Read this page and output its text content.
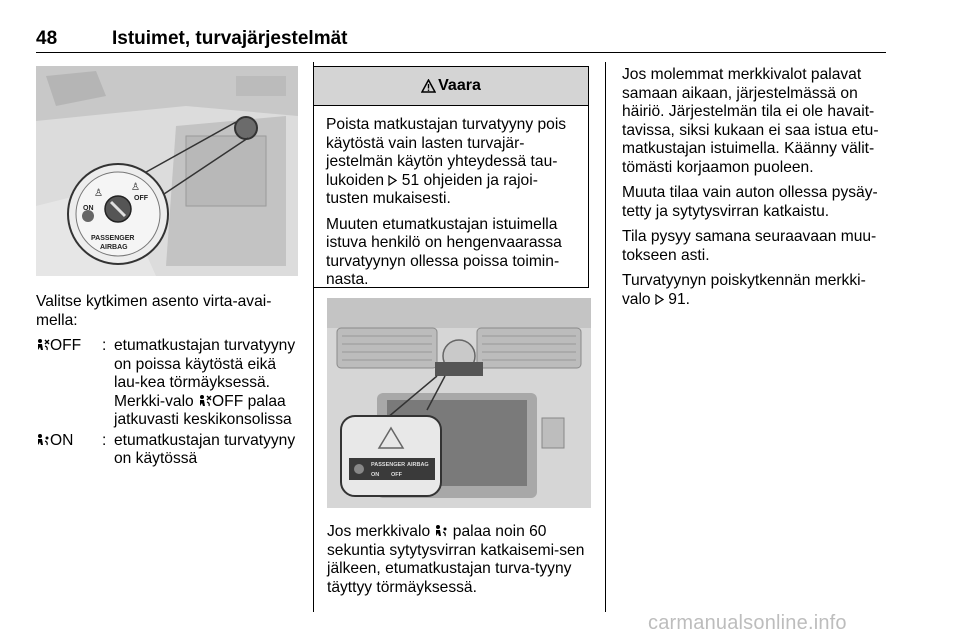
48	Istuimet, turvajärjestelmät
ON
OFF
PASSENGER
AIRBAG
♙
♙

Valitse kytkimen asento virta-avai-mella:

OFF	: etumatkustajan turvatyyny on poissa käytöstä eikä lau-kea törmäyksessä. Merkki-valo OFF palaa jatkuvasti keskikonsolissa
ON	: etumatkustajan turvatyyny on käytössä
Vaara

Poista matkustajan turvatyyny pois käytöstä vain lasten turvajär-jestelmän käytön yhteydessä tau-lukoiden  51 ohjeiden ja rajoi-tusten mukaisesti.

Muuten etumatkustajan istuimella istuva henkilö on hengenvaarassa turvatyynyn ollessa poissa toimin-nasta.

PASSENGER AIRBAG
ON OFF

Jos merkkivalo  palaa noin 60 sekuntia sytytysvirran katkaisemi-sen jälkeen, etumatkustajan turva-tyyny täyttyy törmäyksessä.

Jos molemmat merkkivalot palavat samaan aikaan, järjestelmässä on häiriö. Järjestelmän tila ei ole havait-tavissa, siksi kukaan ei saa istua etu-matkustajan istuimella. Käänny välit-tömästi korjaamon puoleen.

Muuta tilaa vain auton ollessa pysäy-tetty ja sytytysvirran katkaistu.

Tila pysyy samana seuraavaan muu-tokseen asti.

Turvatyynyn poiskytkennän merkki-valo  91.

carmanualsonline.info
